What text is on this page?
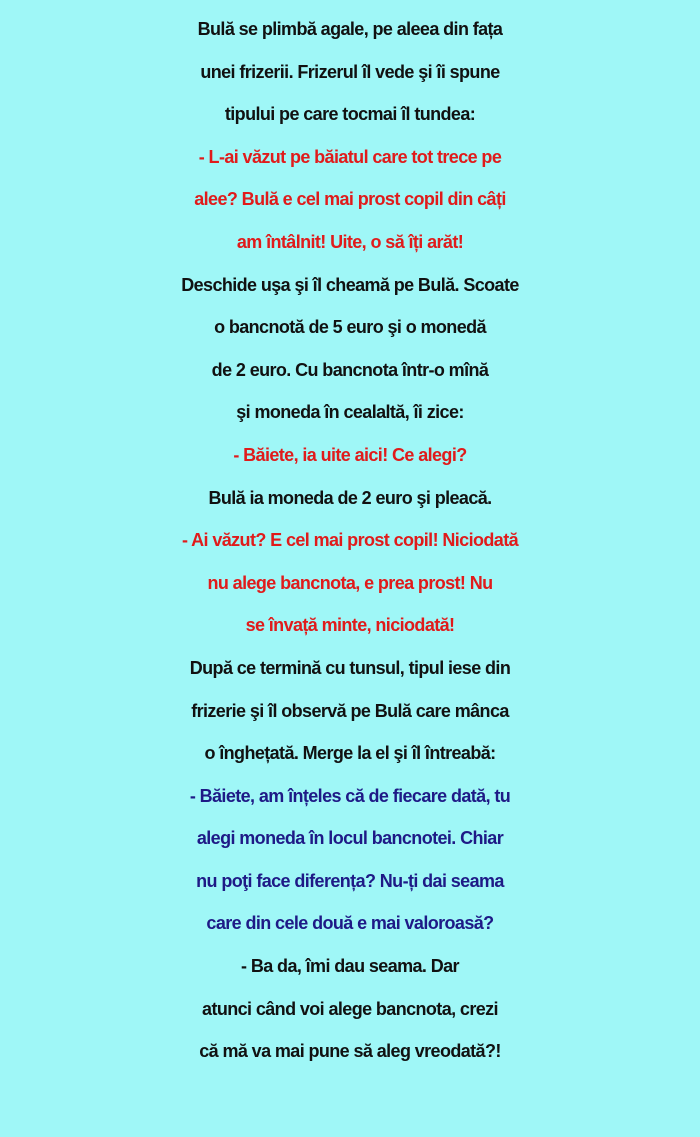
Bulă se plimbă agale, pe aleea din fața
unei frizerii. Frizerul îl vede şi îi spune
tipului pe care tocmai îl tundea:
- L-ai văzut pe băiatul care tot trece pe
alee? Bulă e cel mai prost copil din câți
am întâlnit! Uite, o să îți arăt!
Deschide uşa şi îl cheamă pe Bulă. Scoate
o bancnotă de 5 euro şi o monedă
de 2 euro. Cu bancnota într-o mînă
şi moneda în cealaltă, îi zice:
- Băiete, ia uite aici! Ce alegi?
Bulă ia moneda de 2 euro şi pleacă.
- Ai văzut? E cel mai prost copil! Niciodată
nu alege bancnota, e prea prost! Nu
se învață minte, niciodată!
După ce termină cu tunsul, tipul iese din
frizerie şi îl observă pe Bulă care mânca
o înghețată. Merge la el şi îl întreabă:
- Băiete, am înțeles că de fiecare dată, tu
alegi moneda în locul bancnotei. Chiar
nu poţi face diferența? Nu-ți dai seama
care din cele două e mai valoroasă?
- Ba da, îmi dau seama. Dar
atunci când voi alege bancnota, crezi
că mă va mai pune să aleg vreodată?!
